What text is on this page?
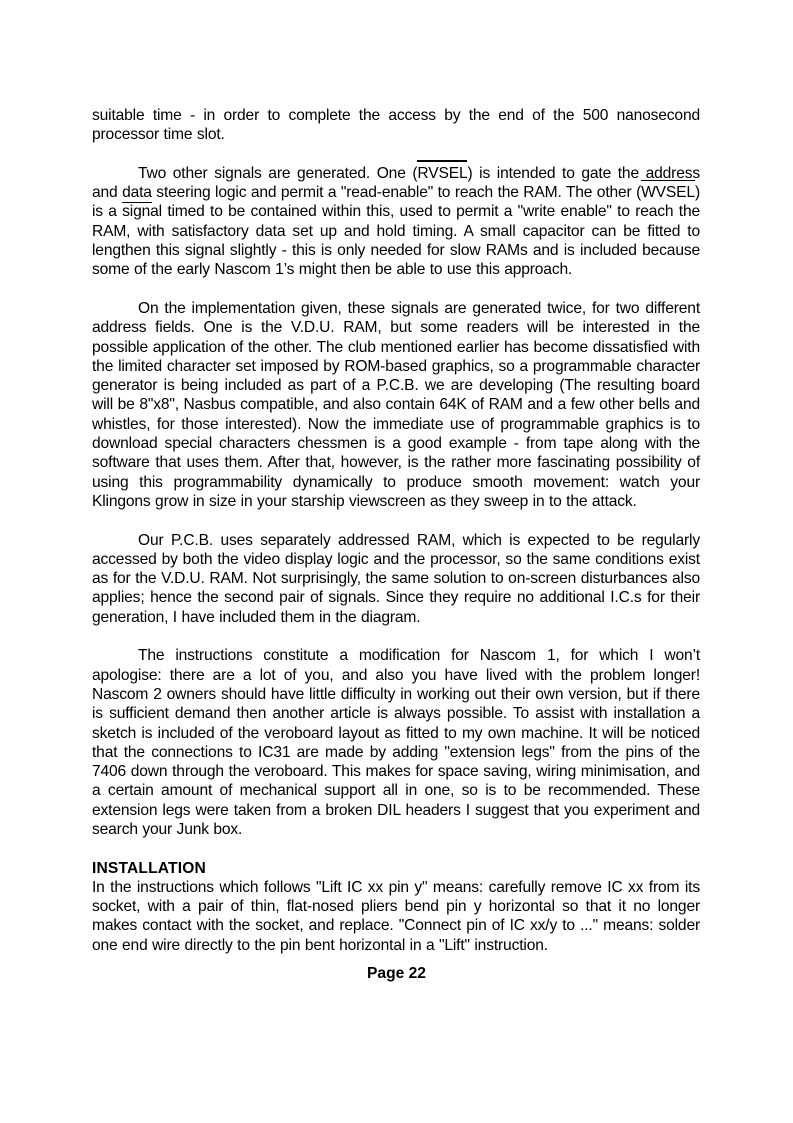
suitable time - in order to complete the access by the end of the 500 nanosecond processor time slot.

Two other signals are generated. One (RVSEL) is intended to gate the address and data steering logic and permit a "read-enable" to reach the RAM. The other (WVSEL) is a signal timed to be contained within this, used to permit a "write enable" to reach the RAM, with satisfactory data set up and hold timing. A small capacitor can be fitted to lengthen this signal slightly - this is only needed for slow RAMs and is included because some of the early Nascom 1’s might then be able to use this approach.

On the implementation given, these signals are generated twice, for two different address fields. One is the V.D.U. RAM, but some readers will be interested in the possible application of the other. The club mentioned earlier has become dissatisfied with the limited character set imposed by ROM-based graphics, so a programmable character generator is being included as part of a P.C.B. we are developing (The resulting board will be 8"x8", Nasbus compatible, and also contain 64K of RAM and a few other bells and whistles, for those interested). Now the immediate use of programmable graphics is to download special characters chessmen is a good example - from tape along with the software that uses them. After that, however, is the rather more fascinating possibility of using this programmability dynamically to produce smooth movement: watch your Klingons grow in size in your starship viewscreen as they sweep in to the attack.

Our P.C.B. uses separately addressed RAM, which is expected to be regularly accessed by both the video display logic and the processor, so the same conditions exist as for the V.D.U. RAM. Not surprisingly, the same solution to on-screen disturbances also applies; hence the second pair of signals. Since they require no additional I.C.s for their generation, I have included them in the diagram.

The instructions constitute a modification for Nascom 1, for which I won’t apologise: there are a lot of you, and also you have lived with the problem longer! Nascom 2 owners should have little difficulty in working out their own version, but if there is sufficient demand then another article is always possible. To assist with installation a sketch is included of the veroboard layout as fitted to my own machine. It will be noticed that the connections to IC31 are made by adding "extension legs" from the pins of the 7406 down through the veroboard. This makes for space saving, wiring minimisation, and a certain amount of mechanical support all in one, so is to be recommended. These extension legs were taken from a broken DIL headers I suggest that you experiment and search your Junk box.

INSTALLATION

In the instructions which follows "Lift IC xx pin y" means: carefully remove IC xx from its socket, with a pair of thin, flat-nosed pliers bend pin y horizontal so that it no longer makes contact with the socket, and replace. "Connect pin of IC xx/y to ..." means: solder one end wire directly to the pin bent horizontal in a "Lift" instruction.

Page 22
